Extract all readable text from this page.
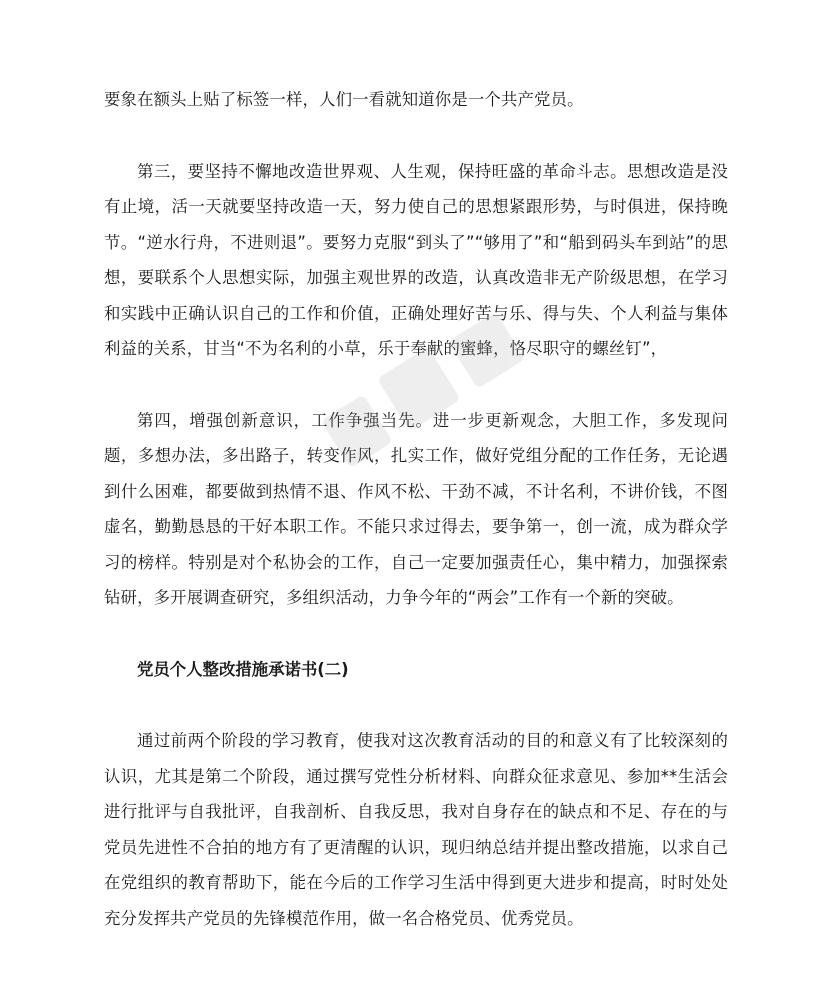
要象在额头上贴了标签一样，人们一看就知道你是一个共产党员。

第三，要坚持不懈地改造世界观、人生观，保持旺盛的革命斗志。思想改造是没有止境，活一天就要坚持改造一天，努力使自己的思想紧跟形势，与时俱进，保持晚节。“逆水行舟，不进则退”。要努力克服“到头了”“够用了”和“船到码头车到站”的思想，要联系个人思想实际，加强主观世界的改造，认真改造非无产阶级思想，在学习和实践中正确认识自己的工作和价值，正确处理好苦与乐、得与失、个人利益与集体利益的关系，甘当“不为名利的小草，乐于奉献的蜜蜂，恪尽职守的螺丝钉”，

第四，增强创新意识，工作争强当先。进一步更新观念，大胆工作，多发现问题，多想办法，多出路子，转变作风，扎实工作，做好党组分配的工作任务，无论遇到什么困难，都要做到热情不退、作风不松、干劲不减，不计名利，不讲价钱，不图虚名，勤勤恳恳的干好本职工作。不能只求过得去，要争第一，创一流，成为群众学习的榜样。特别是对个私协会的工作，自己一定要加强责任心，集中精力，加强探索钻研，多开展调查研究，多组织活动，力争今年的“两会”工作有一个新的突破。

党员个人整改措施承诺书(二)

通过前两个阶段的学习教育，使我对这次教育活动的目的和意义有了比较深刻的认识，尤其是第二个阶段，通过撰写党性分析材料、向群众征求意见、参加**生活会进行批评与自我批评，自我剖析、自我反思，我对自身存在的缺点和不足、存在的与党员先进性不合拍的地方有了更清醒的认识，现归纳总结并提出整改措施，以求自己在党组织的教育帮助下，能在今后的工作学习生活中得到更大进步和提高，时时处处充分发挥共产党员的先锋模范作用，做一名合格党员、优秀党员。
